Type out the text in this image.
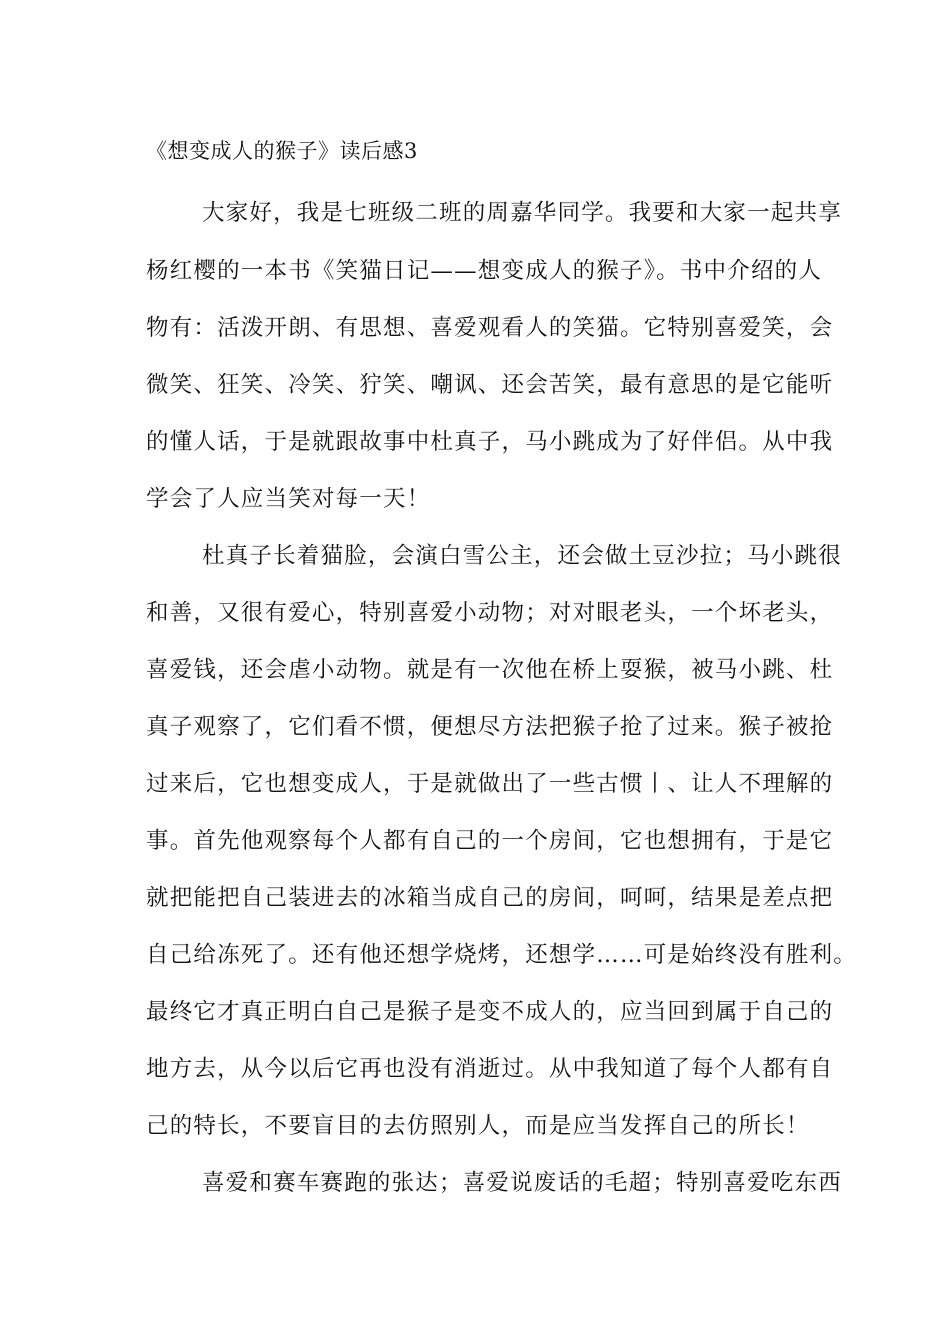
《想变成人的猴子》读后感3
大家好，我是七班级二班的周嘉华同学。我要和大家一起共享
杨红樱的一本书《笑猫日记——想变成人的猴子》。书中介绍的人
物有：活泼开朗、有思想、喜爱观看人的笑猫。它特别喜爱笑，会
微笑、狂笑、冷笑、狞笑、嘲讽、还会苦笑，最有意思的是它能听
的懂人话，于是就跟故事中杜真子，马小跳成为了好伴侣。从中我
学会了人应当笑对每一天！
杜真子长着猫脸，会演白雪公主，还会做土豆沙拉；马小跳很
和善，又很有爱心，特别喜爱小动物；对对眼老头，一个坏老头，
喜爱钱，还会虐小动物。就是有一次他在桥上耍猴，被马小跳、杜
真子观察了，它们看不惯，便想尽方法把猴子抢了过来。猴子被抢
过来后，它也想变成人，于是就做出了一些古惯丨、让人不理解的
事。首先他观察每个人都有自己的一个房间，它也想拥有，于是它
就把能把自己装进去的冰箱当成自己的房间，呵呵，结果是差点把
自己给冻死了。还有他还想学烧烤，还想学……可是始终没有胜利。
最终它才真正明白自己是猴子是变不成人的，应当回到属于自己的
地方去，从今以后它再也没有消逝过。从中我知道了每个人都有自
己的特长，不要盲目的去仿照别人，而是应当发挥自己的所长！
喜爱和赛车赛跑的张达；喜爱说废话的毛超；特别喜爱吃东西
